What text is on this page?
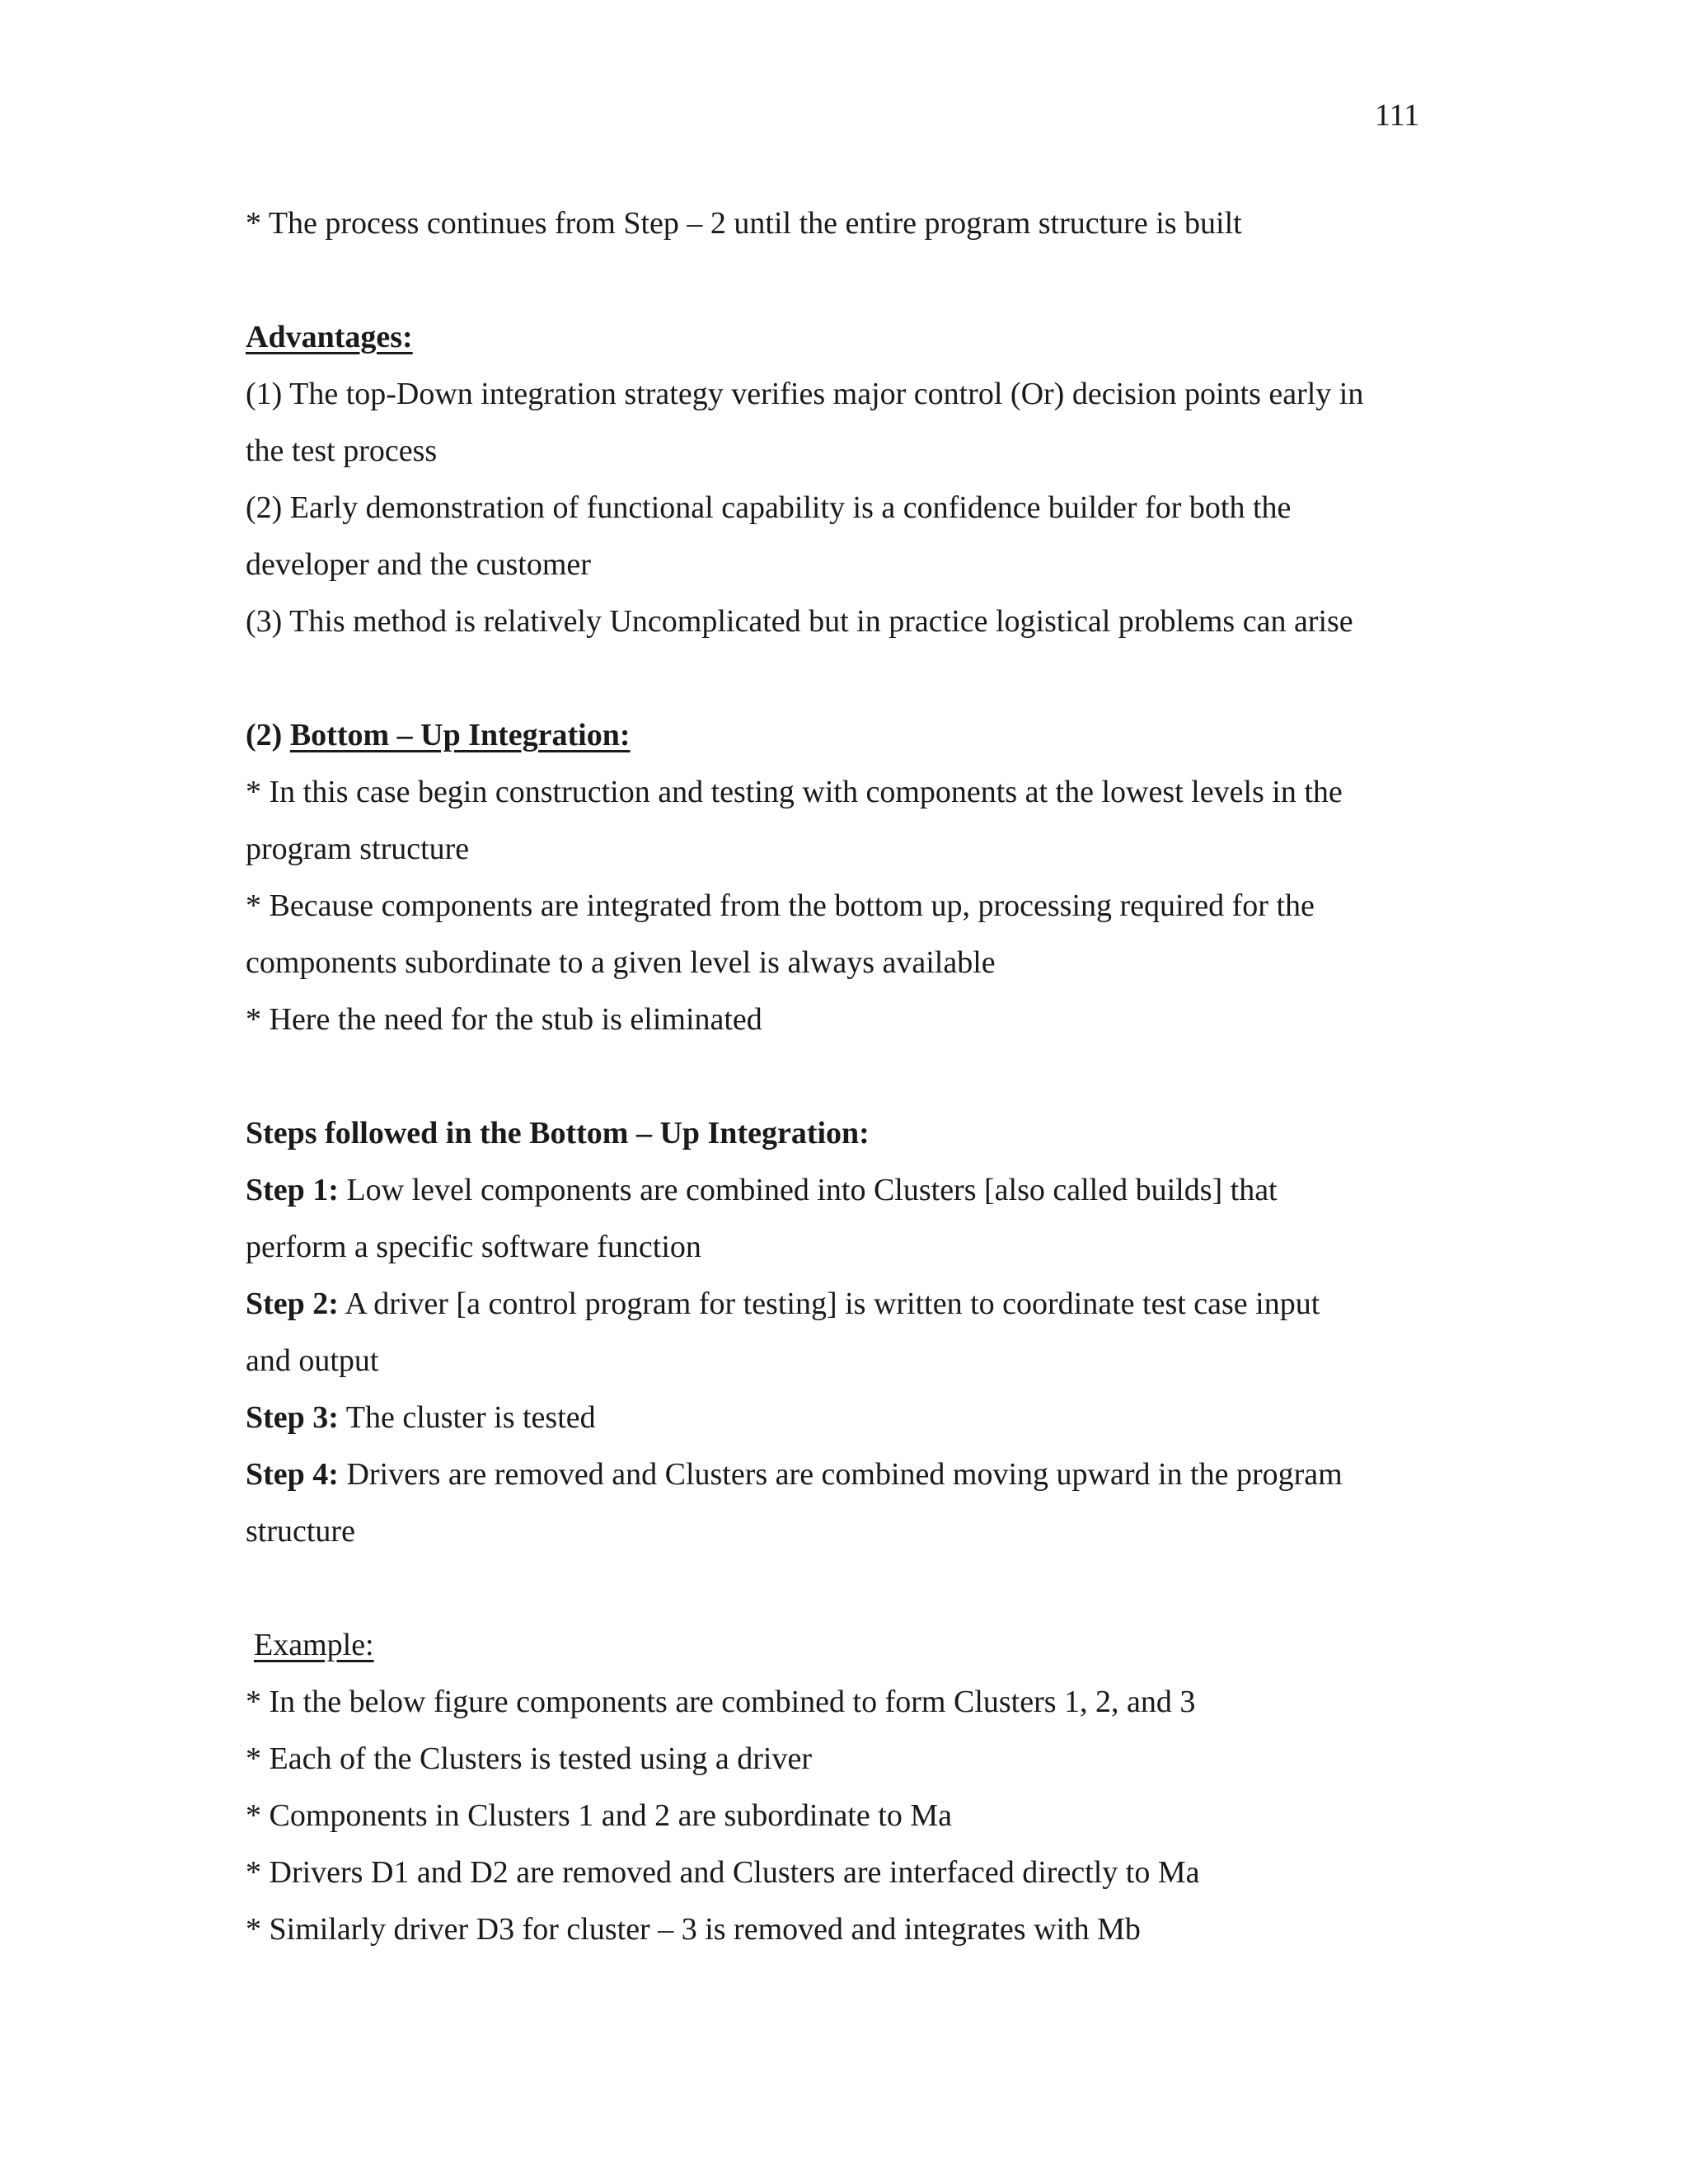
111
* The process continues from Step – 2 until the entire program structure is built
Advantages:
(1) The top-Down integration strategy verifies major control (Or) decision points early in
the test process
(2) Early demonstration of functional capability is a confidence builder for both the
developer and the customer
(3) This method is relatively Uncomplicated but in practice logistical problems can arise
(2) Bottom – Up Integration:
* In this case begin construction and testing with components at the lowest levels in the
program structure
* Because components are integrated from the bottom up, processing required for the
components subordinate to a given level is always available
* Here the need for the stub is eliminated
Steps followed in the Bottom – Up Integration:
Step 1: Low level components are combined into Clusters [also called builds] that
perform a specific software function
Step 2: A driver [a control program for testing] is written to coordinate test case input
and output
Step 3: The cluster is tested
Step 4: Drivers are removed and Clusters are combined moving upward in the program
structure
Example:
* In the below figure components are combined to form Clusters 1, 2, and 3
* Each of the Clusters is tested using a driver
* Components in Clusters 1 and 2 are subordinate to Ma
* Drivers D1 and D2 are removed and Clusters are interfaced directly to Ma
* Similarly driver D3 for cluster – 3 is removed and integrates with Mb
